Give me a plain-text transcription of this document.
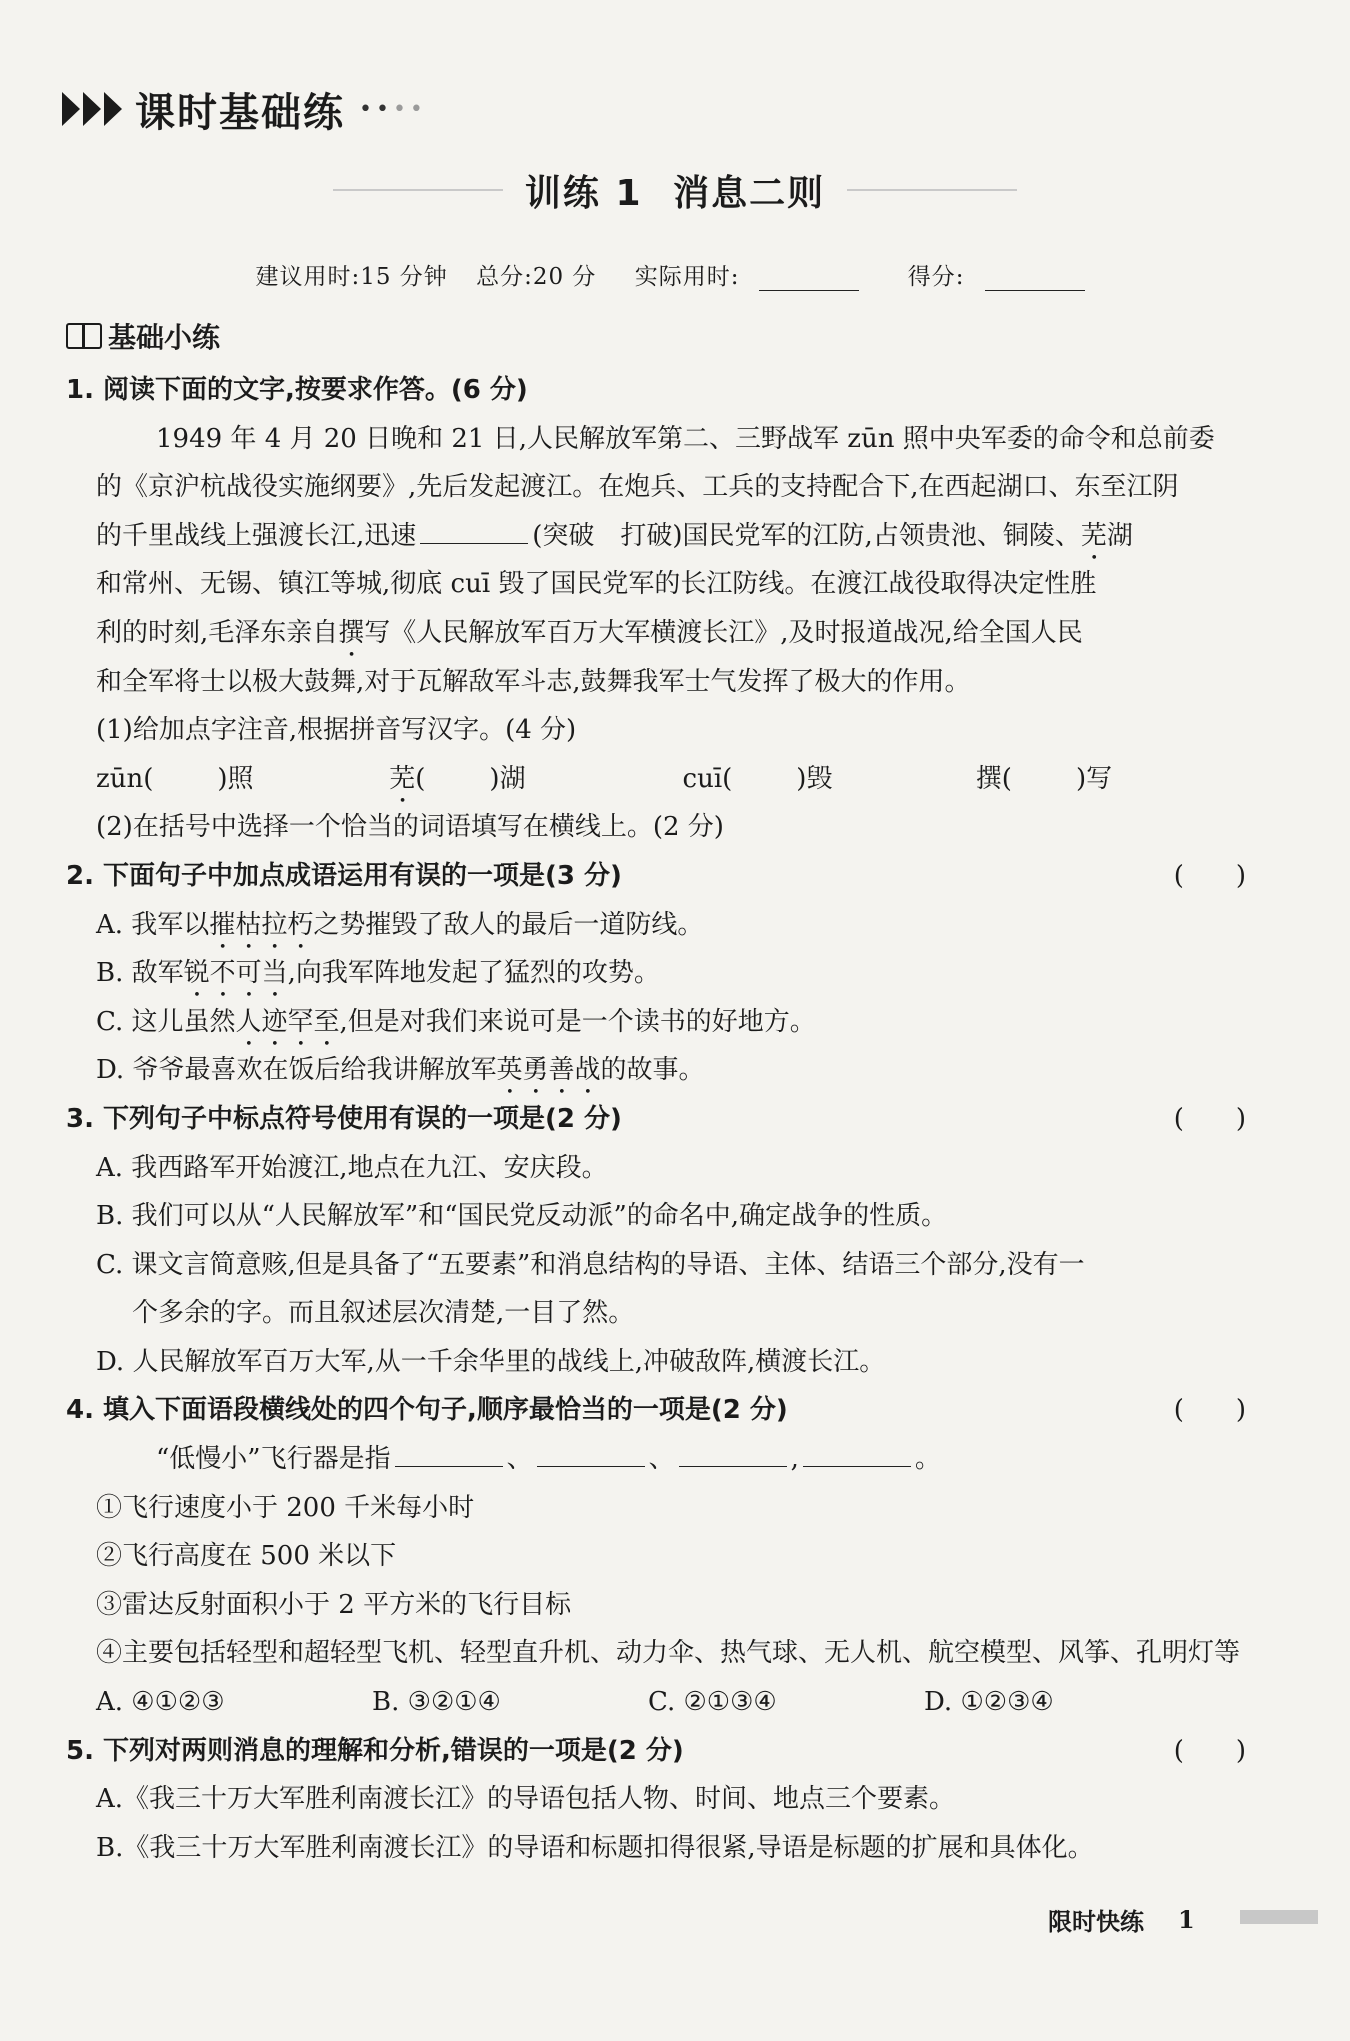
课时基础练 ••••
训练 1 消息二则
建议用时:15 分钟 总分:20 分 实际用时:	得分:
基础小练
1. 阅读下面的文字,按要求作答。(6 分)
1949 年 4 月 20 日晚和 21 日,人民解放军第二、三野战军 zūn 照中央军委的命令和总前委
的《京沪杭战役实施纲要》,先后发起渡江。在炮兵、工兵的支持配合下,在西起湖口、东至江阴
的千里战线上强渡长江,迅速	(突破　打破)国民党军的江防,占领贵池、铜陵、芜湖
和常州、无锡、镇江等城,彻底 cuī 毁了国民党军的长江防线。在渡江战役取得决定性胜
利的时刻,毛泽东亲自撰写《人民解放军百万大军横渡长江》,及时报道战况,给全国人民
和全军将士以极大鼓舞,对于瓦解敌军斗志,鼓舞我军士气发挥了极大的作用。
(1)给加点字注音,根据拼音写汉字。(4 分)
zūn( )照	芜( )湖	cuī( )毁	撰( )写
(2)在括号中选择一个恰当的词语填写在横线上。(2 分)
2. 下面句子中加点成语运用有误的一项是(3 分)	(　　)
A. 我军以摧枯拉朽之势摧毁了敌人的最后一道防线。
B. 敌军锐不可当,向我军阵地发起了猛烈的攻势。
C. 这儿虽然人迹罕至,但是对我们来说可是一个读书的好地方。
D. 爷爷最喜欢在饭后给我讲解放军英勇善战的故事。
3. 下列句子中标点符号使用有误的一项是(2 分)	(　　)
A. 我西路军开始渡江,地点在九江、安庆段。
B. 我们可以从“人民解放军”和“国民党反动派”的命名中,确定战争的性质。
C. 课文言简意赅,但是具备了“五要素”和消息结构的导语、主体、结语三个部分,没有一
个多余的字。而且叙述层次清楚,一目了然。
D. 人民解放军百万大军,从一千余华里的战线上,冲破敌阵,横渡长江。
4. 填入下面语段横线处的四个句子,顺序最恰当的一项是(2 分)	(　　)
“低慢小”飞行器是指	、	、	,	。
①飞行速度小于 200 千米每小时
②飞行高度在 500 米以下
③雷达反射面积小于 2 平方米的飞行目标
④主要包括轻型和超轻型飞机、轻型直升机、动力伞、热气球、无人机、航空模型、风筝、孔明灯等
A. ④①②③	B. ③②①④	C. ②①③④	D. ①②③④
5. 下列对两则消息的理解和分析,错误的一项是(2 分)	(　　)
A.《我三十万大军胜利南渡长江》的导语包括人物、时间、地点三个要素。
B.《我三十万大军胜利南渡长江》的导语和标题扣得很紧,导语是标题的扩展和具体化。
限时快练 1
